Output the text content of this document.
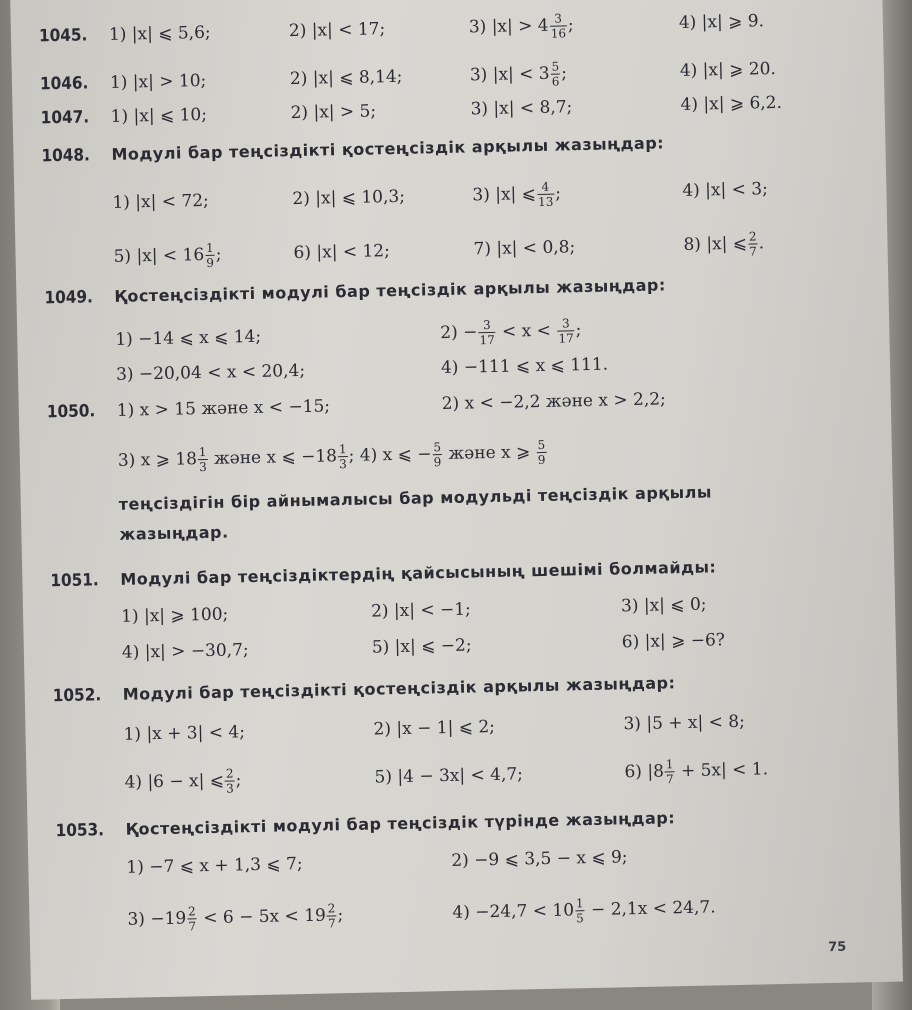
1045. 1) |x| ⩽ 5,6;	2) |x| < 17;	3) $|x| > 4 \frac{3}{16}$ ;	4) |x| ⩾ 9.
1046. 1) |x| > 10;	2) |x| ⩽ 8,14;	3) $|x| < 3 \frac{5}{6}$ ;	4) |x| ⩾ 20.
1047. 1) |x| ⩽ 10;	2) |x| > 5;	3) |x| < 8,7;	4) |x| ⩾ 6,2.
1048. Модулі бар теңсіздікті қостеңсіздік арқылы жазыңдар:
1) |x| < 72;	2) |x| ⩽ 10,3;	3) |x| ⩽ $\frac{4}{13}$ ;	4) |x| < 3;
5) $|x| < 16 \frac{1}{9}$ ;	6) |x| < 12;	7) |x| < 0,8;	8) |x| ⩽ $\frac{2}{7}$ .
1049. Қостеңсіздікті модулі бар теңсіздік арқылы жазыңдар:
1) −14 ⩽ x ⩽ 14;	$2) - \frac{3}{17} < x < \frac{3}{17}$ ;
3) −20,04 < x < 20,4;	4) −111 ⩽ x ⩽ 111.
1050. 1) x > 15 және x < −15;	2) x < −2,2 және x > 2,2;
3) x ⩾ $18 \frac{1}{3}$ және x ⩽ $-18 \frac{1}{3}$ ; 4) x ⩽ − $\frac{5}{9}$ және x ⩾ $\frac{5}{9}$
теңсіздігін бір айнымалысы бар модульді теңсіздік арқылы
жазыңдар.
1051. Модулі бар теңсіздіктердің қайсысының шешімі болмайды:
1) |x| ⩾ 100;	2) |x| < −1;	3) |x| ⩽ 0;
4) |x| > −30,7;	5) |x| ⩽ −2;	6) |x| ⩾ −6?
1052. Модулі бар теңсіздікті қостеңсіздік арқылы жазыңдар:
1) |x + 3| < 4;	2) |x − 1| ⩽ 2;	3) |5 + x| < 8;
4) |6 − x| ⩽ $\frac{2}{3}$ ;	5) |4 − 3x| < 4,7;	6) $|8 \frac{1}{7} + 5x| < 1$.
1053. Қостеңсіздікті модулі бар теңсіздік түрінде жазыңдар:
1) −7 ⩽ x + 1,3 ⩽ 7;	2) −9 ⩽ 3,5 − x ⩽ 9;
$3) -19 \frac{2}{7} < 6 - 5x < 19 \frac{2}{7}$ ;	$4) -24,7 < 10 \frac{1}{5} - 2,1x < 24,7$.
75
